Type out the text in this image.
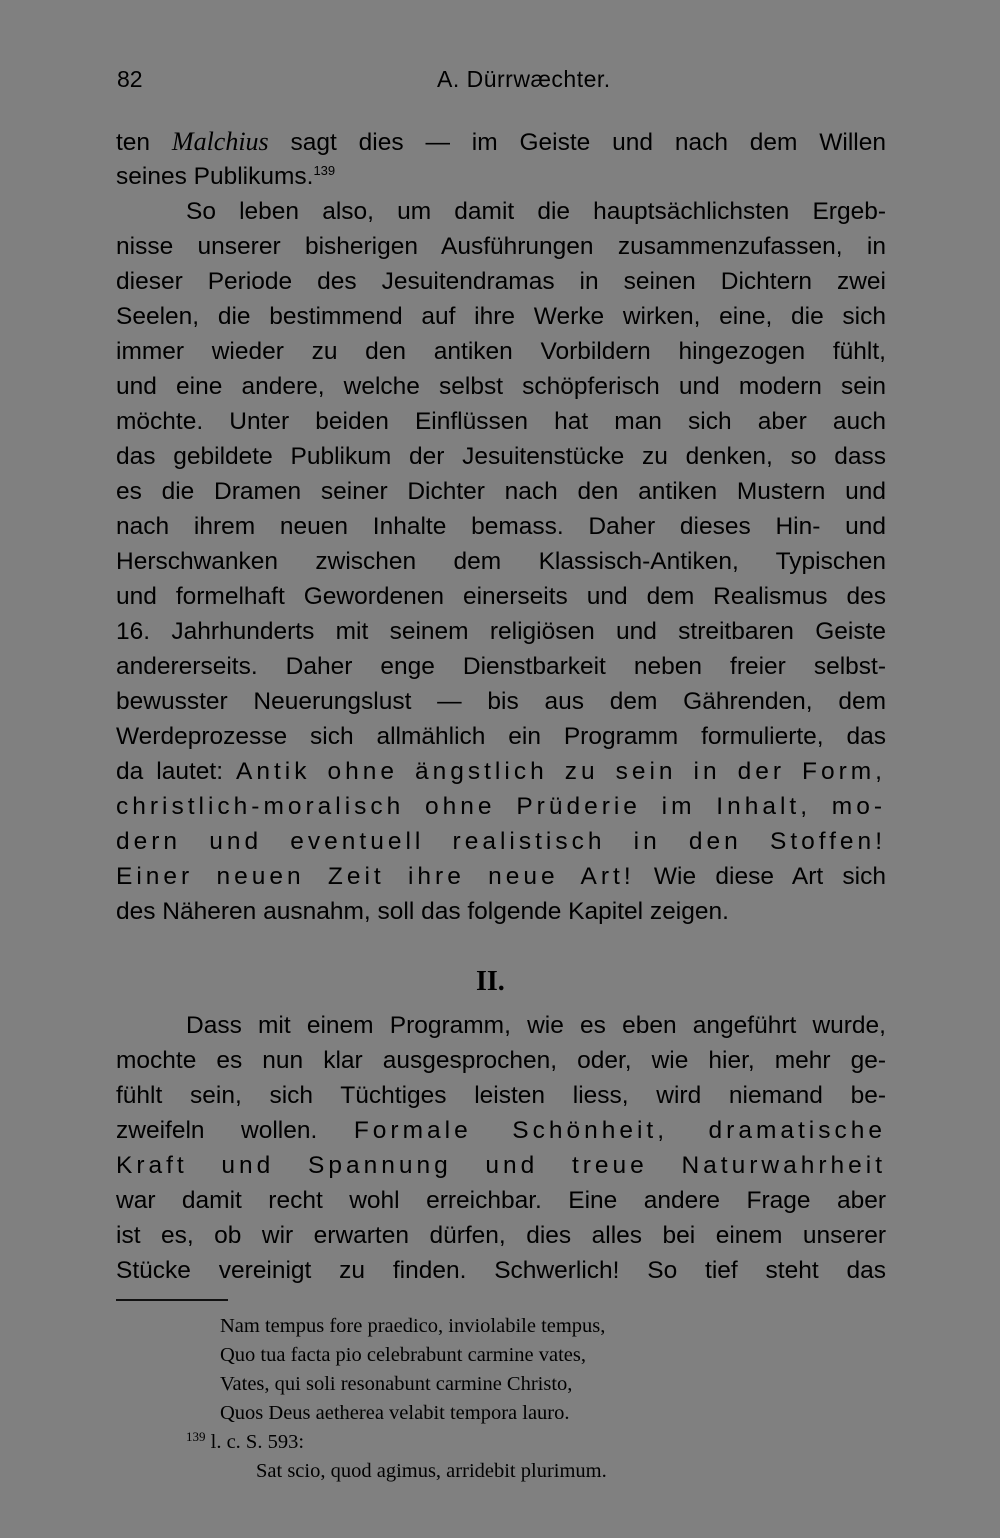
82	A. Dürrwæchter.
ten Malchius sagt dies — im Geiste und nach dem Willen
seines Publikums.$^{139}$
So leben also, um damit die hauptsächlichsten Ergeb-
nisse unserer bisherigen Ausführungen zusammenzufassen, in
dieser Periode des Jesuitendramas in seinen Dichtern zwei
Seelen, die bestimmend auf ihre Werke wirken, eine, die sich
immer wieder zu den antiken Vorbildern hingezogen fühlt,
und eine andere, welche selbst schöpferisch und modern sein
möchte. Unter beiden Einflüssen hat man sich aber auch
das gebildete Publikum der Jesuitenstücke zu denken, so dass
es die Dramen seiner Dichter nach den antiken Mustern und
nach ihrem neuen Inhalte bemass. Daher dieses Hin- und
Herschwanken zwischen dem Klassisch-Antiken, Typischen
und formelhaft Gewordenen einerseits und dem Realismus des
16. Jahrhunderts mit seinem religiösen und streitbaren Geiste
andererseits. Daher enge Dienstbarkeit neben freier selbst-
bewusster Neuerungslust — bis aus dem Gährenden, dem
Werdeprozesse sich allmählich ein Programm formulierte, das
da lautet: Antik ohne ängstlich zu sein in der Form,
christlich-moralisch ohne Prüderie im Inhalt, mo-
dern und eventuell realistisch in den Stoffen!
Einer neuen Zeit ihre neue Art! Wie diese Art sich
des Näheren ausnahm, soll das folgende Kapitel zeigen.
II.
Dass mit einem Programm, wie es eben angeführt wurde,
mochte es nun klar ausgesprochen, oder, wie hier, mehr ge-
fühlt sein, sich Tüchtiges leisten liess, wird niemand be-
zweifeln wollen. Formale Schönheit, dramatische
Kraft und Spannung und treue Naturwahrheit
war damit recht wohl erreichbar. Eine andere Frage aber
ist es, ob wir erwarten dürfen, dies alles bei einem unserer
Stücke vereinigt zu finden. Schwerlich! So tief steht das
Nam tempus fore praedico, inviolabile tempus,
Quo tua facta pio celebrabunt carmine vates,
Vates, qui soli resonabunt carmine Christo,
Quos Deus aetherea velabit tempora lauro.
$^{139}$ l. c. S. 593:
Sat scio, quod agimus, arridebit plurimum.
